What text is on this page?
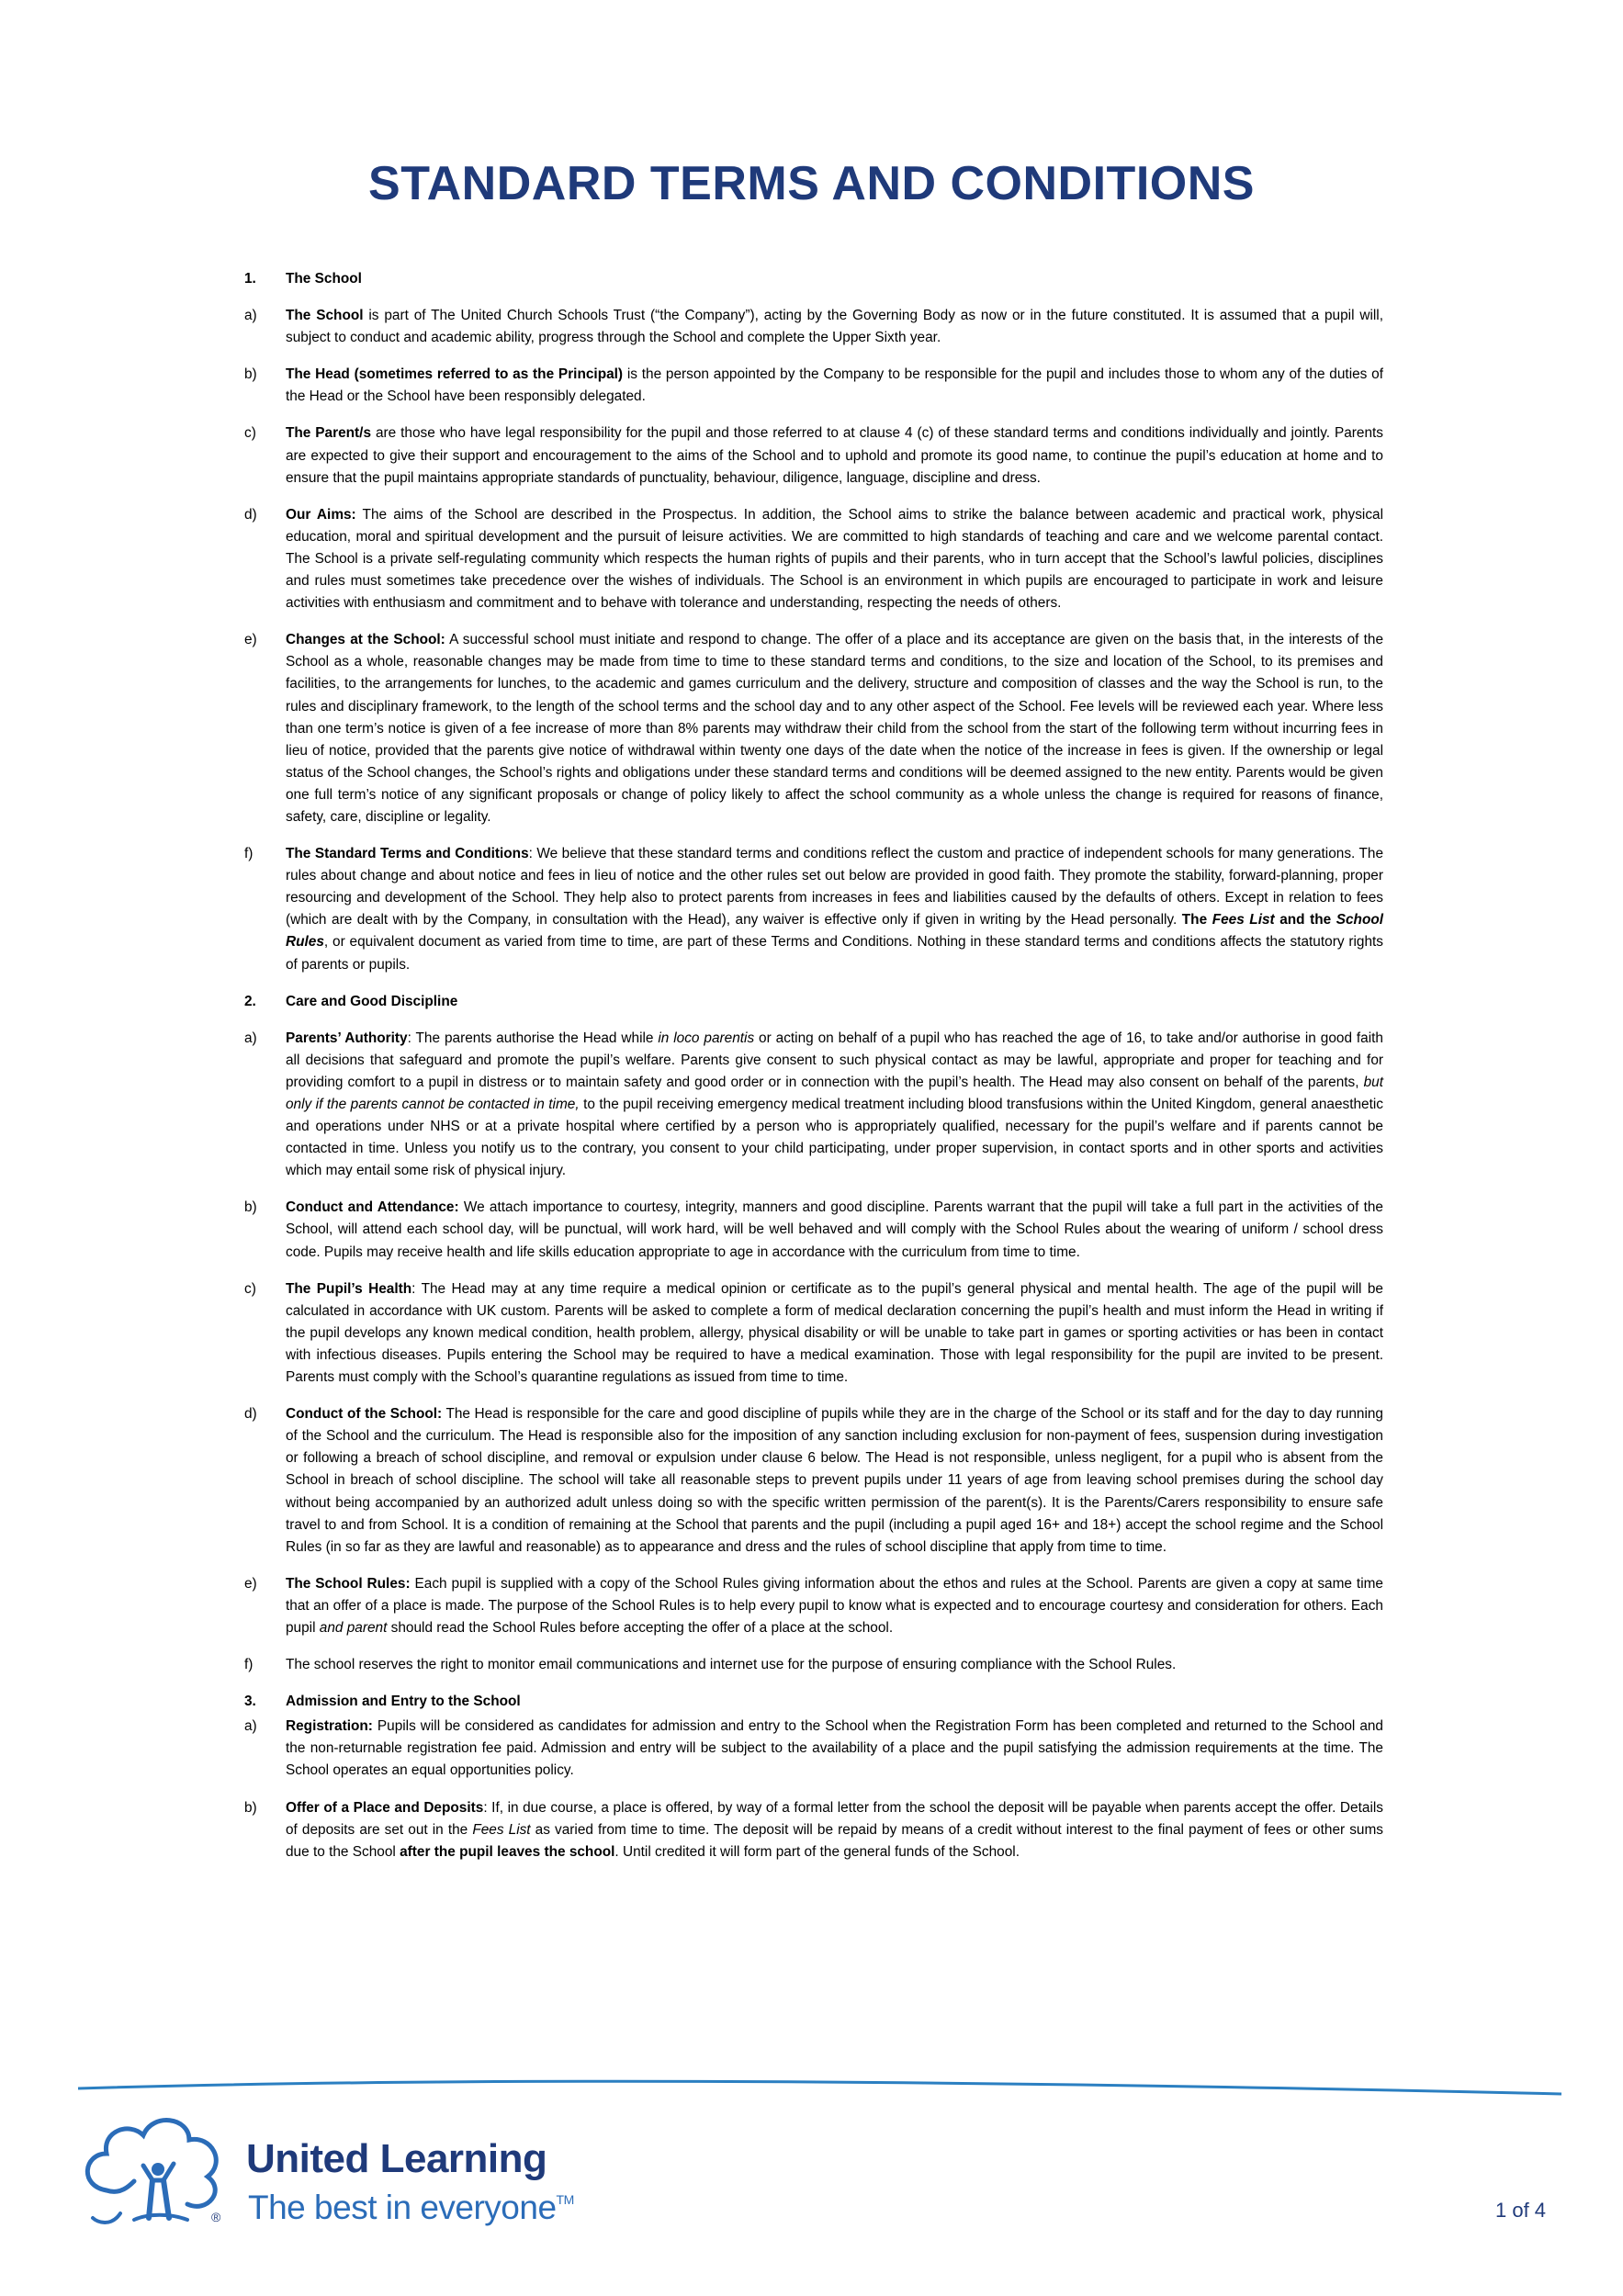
STANDARD TERMS AND CONDITIONS
1.	The School
a)	The School is part of The United Church Schools Trust (“the Company”), acting by the Governing Body as now or in the future constituted. It is assumed that a pupil will, subject to conduct and academic ability, progress through the School and complete the Upper Sixth year.
b)	The Head (sometimes referred to as the Principal) is the person appointed by the Company to be responsible for the pupil and includes those to whom any of the duties of the Head or the School have been responsibly delegated.
c)	The Parent/s are those who have legal responsibility for the pupil and those referred to at clause 4 (c) of these standard terms and conditions individually and jointly. Parents are expected to give their support and encouragement to the aims of the School and to uphold and promote its good name, to continue the pupil’s education at home and to ensure that the pupil maintains appropriate standards of punctuality, behaviour, diligence, language, discipline and dress.
d)	Our Aims: The aims of the School are described in the Prospectus. In addition, the School aims to strike the balance between academic and practical work, physical education, moral and spiritual development and the pursuit of leisure activities. We are committed to high standards of teaching and care and we welcome parental contact. The School is a private self-regulating community which respects the human rights of pupils and their parents, who in turn accept that the School’s lawful policies, disciplines and rules must sometimes take precedence over the wishes of individuals. The School is an environment in which pupils are encouraged to participate in work and leisure activities with enthusiasm and commitment and to behave with tolerance and understanding, respecting the needs of others.
e)	Changes at the School: A successful school must initiate and respond to change. The offer of a place and its acceptance are given on the basis that, in the interests of the School as a whole, reasonable changes may be made from time to time to these standard terms and conditions, to the size and location of the School, to its premises and facilities, to the arrangements for lunches, to the academic and games curriculum and the delivery, structure and composition of classes and the way the School is run, to the rules and disciplinary framework, to the length of the school terms and the school day and to any other aspect of the School. Fee levels will be reviewed each year. Where less than one term’s notice is given of a fee increase of more than 8% parents may withdraw their child from the school from the start of the following term without incurring fees in lieu of notice, provided that the parents give notice of withdrawal within twenty one days of the date when the notice of the increase in fees is given. If the ownership or legal status of the School changes, the School’s rights and obligations under these standard terms and conditions will be deemed assigned to the new entity. Parents would be given one full term’s notice of any significant proposals or change of policy likely to affect the school community as a whole unless the change is required for reasons of finance, safety, care, discipline or legality.
f)	The Standard Terms and Conditions: We believe that these standard terms and conditions reflect the custom and practice of independent schools for many generations. The rules about change and about notice and fees in lieu of notice and the other rules set out below are provided in good faith. They promote the stability, forward-planning, proper resourcing and development of the School. They help also to protect parents from increases in fees and liabilities caused by the defaults of others. Except in relation to fees (which are dealt with by the Company, in consultation with the Head), any waiver is effective only if given in writing by the Head personally. The Fees List and the School Rules, or equivalent document as varied from time to time, are part of these Terms and Conditions. Nothing in these standard terms and conditions affects the statutory rights of parents or pupils.
2.	Care and Good Discipline
a)	Parents’ Authority: The parents authorise the Head while in loco parentis or acting on behalf of a pupil who has reached the age of 16, to take and/or authorise in good faith all decisions that safeguard and promote the pupil’s welfare. Parents give consent to such physical contact as may be lawful, appropriate and proper for teaching and for providing comfort to a pupil in distress or to maintain safety and good order or in connection with the pupil’s health. The Head may also consent on behalf of the parents, but only if the parents cannot be contacted in time, to the pupil receiving emergency medical treatment including blood transfusions within the United Kingdom, general anaesthetic and operations under NHS or at a private hospital where certified by a person who is appropriately qualified, necessary for the pupil’s welfare and if parents cannot be contacted in time. Unless you notify us to the contrary, you consent to your child participating, under proper supervision, in contact sports and in other sports and activities which may entail some risk of physical injury.
b)	Conduct and Attendance: We attach importance to courtesy, integrity, manners and good discipline. Parents warrant that the pupil will take a full part in the activities of the School, will attend each school day, will be punctual, will work hard, will be well behaved and will comply with the School Rules about the wearing of uniform / school dress code. Pupils may receive health and life skills education appropriate to age in accordance with the curriculum from time to time.
c)	The Pupil’s Health: The Head may at any time require a medical opinion or certificate as to the pupil’s general physical and mental health. The age of the pupil will be calculated in accordance with UK custom. Parents will be asked to complete a form of medical declaration concerning the pupil’s health and must inform the Head in writing if the pupil develops any known medical condition, health problem, allergy, physical disability or will be unable to take part in games or sporting activities or has been in contact with infectious diseases. Pupils entering the School may be required to have a medical examination. Those with legal responsibility for the pupil are invited to be present. Parents must comply with the School’s quarantine regulations as issued from time to time.
d)	Conduct of the School: The Head is responsible for the care and good discipline of pupils while they are in the charge of the School or its staff and for the day to day running of the School and the curriculum. The Head is responsible also for the imposition of any sanction including exclusion for non-payment of fees, suspension during investigation or following a breach of school discipline, and removal or expulsion under clause 6 below. The Head is not responsible, unless negligent, for a pupil who is absent from the School in breach of school discipline. The school will take all reasonable steps to prevent pupils under 11 years of age from leaving school premises during the school day without being accompanied by an authorized adult unless doing so with the specific written permission of the parent(s). It is the Parents/Carers responsibility to ensure safe travel to and from School. It is a condition of remaining at the School that parents and the pupil (including a pupil aged 16+ and 18+) accept the school regime and the School Rules (in so far as they are lawful and reasonable) as to appearance and dress and the rules of school discipline that apply from time to time.
e)	The School Rules: Each pupil is supplied with a copy of the School Rules giving information about the ethos and rules at the School. Parents are given a copy at same time that an offer of a place is made. The purpose of the School Rules is to help every pupil to know what is expected and to encourage courtesy and consideration for others. Each pupil and parent should read the School Rules before accepting the offer of a place at the school.
f)	The school reserves the right to monitor email communications and internet use for the purpose of ensuring compliance with the School Rules.
3.	Admission and Entry to the School
a)	Registration: Pupils will be considered as candidates for admission and entry to the School when the Registration Form has been completed and returned to the School and the non-returnable registration fee paid. Admission and entry will be subject to the availability of a place and the pupil satisfying the admission requirements at the time. The School operates an equal opportunities policy.
b)	Offer of a Place and Deposits: If, in due course, a place is offered, by way of a formal letter from the school the deposit will be payable when parents accept the offer. Details of deposits are set out in the Fees List as varied from time to time. The deposit will be repaid by means of a credit without interest to the final payment of fees or other sums due to the School after the pupil leaves the school. Until credited it will form part of the general funds of the School.
®
United Learning
The best in everyone™	1 of 4
